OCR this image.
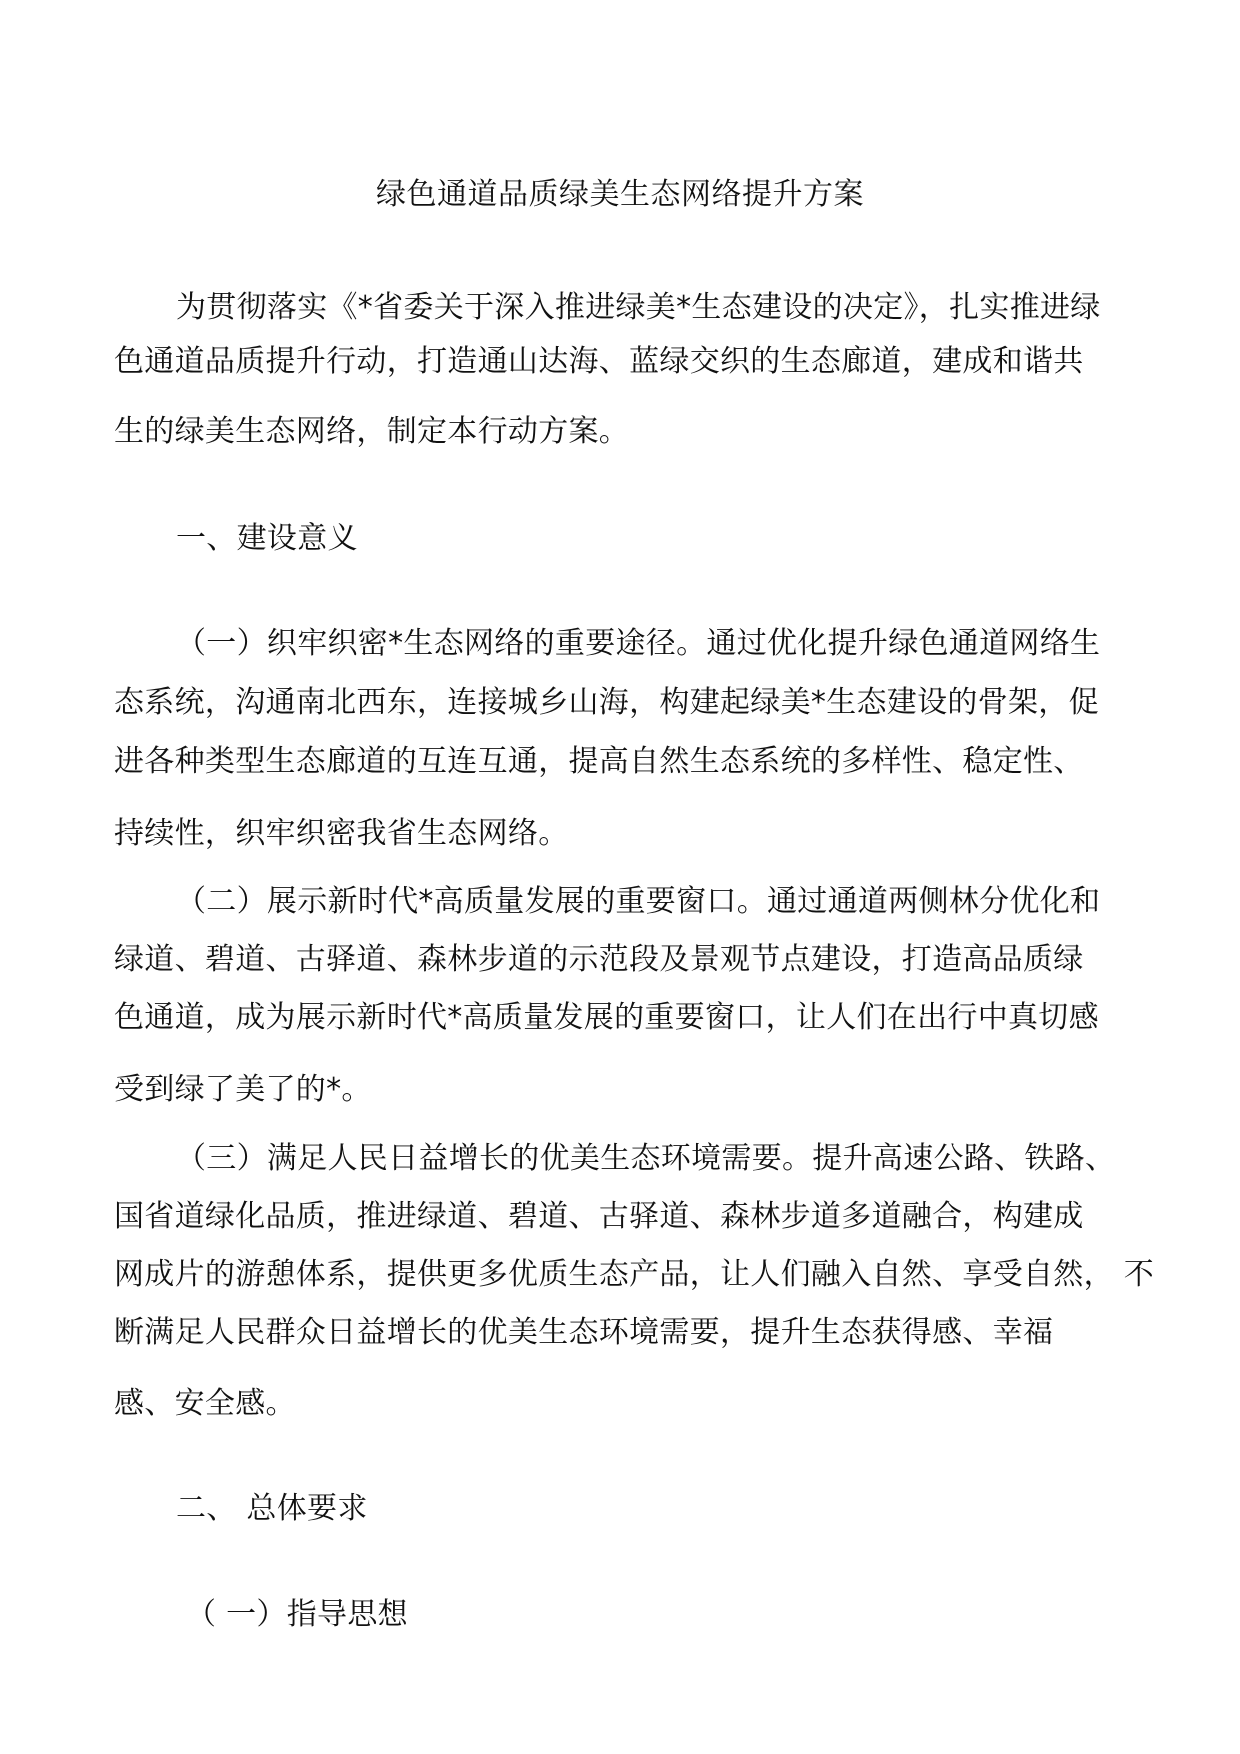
绿色通道品质绿美生态网络提升方案
为贯彻落实《*省委关于深入推进绿美*生态建设的决定》，扎实推进绿
色通道品质提升行动，打造通山达海、蓝绿交织的生态廊道，建成和谐共
生的绿美生态网络，制定本行动方案。
一、建设意义
（一）织牢织密*生态网络的重要途径。通过优化提升绿色通道网络生
态系统，沟通南北西东，连接城乡山海，构建起绿美*生态建设的骨架，促
进各种类型生态廊道的互连互通，提高自然生态系统的多样性、稳定性、
持续性，织牢织密我省生态网络。
（二）展示新时代*高质量发展的重要窗口。通过通道两侧林分优化和
绿道、碧道、古驿道、森林步道的示范段及景观节点建设，打造高品质绿
色通道，成为展示新时代*高质量发展的重要窗口，让人们在出行中真切感
受到绿了美了的*。
（三）满足人民日益增长的优美生态环境需要。提升高速公路、铁路、
国省道绿化品质，推进绿道、碧道、古驿道、森林步道多道融合，构建成
网成片的游憩体系，提供更多优质生态产品，让人们融入自然、享受自然， 不
断满足人民群众日益增长的优美生态环境需要，提升生态获得感、幸福
感、安全感。
二、 总体要求
（ 一）指导思想
